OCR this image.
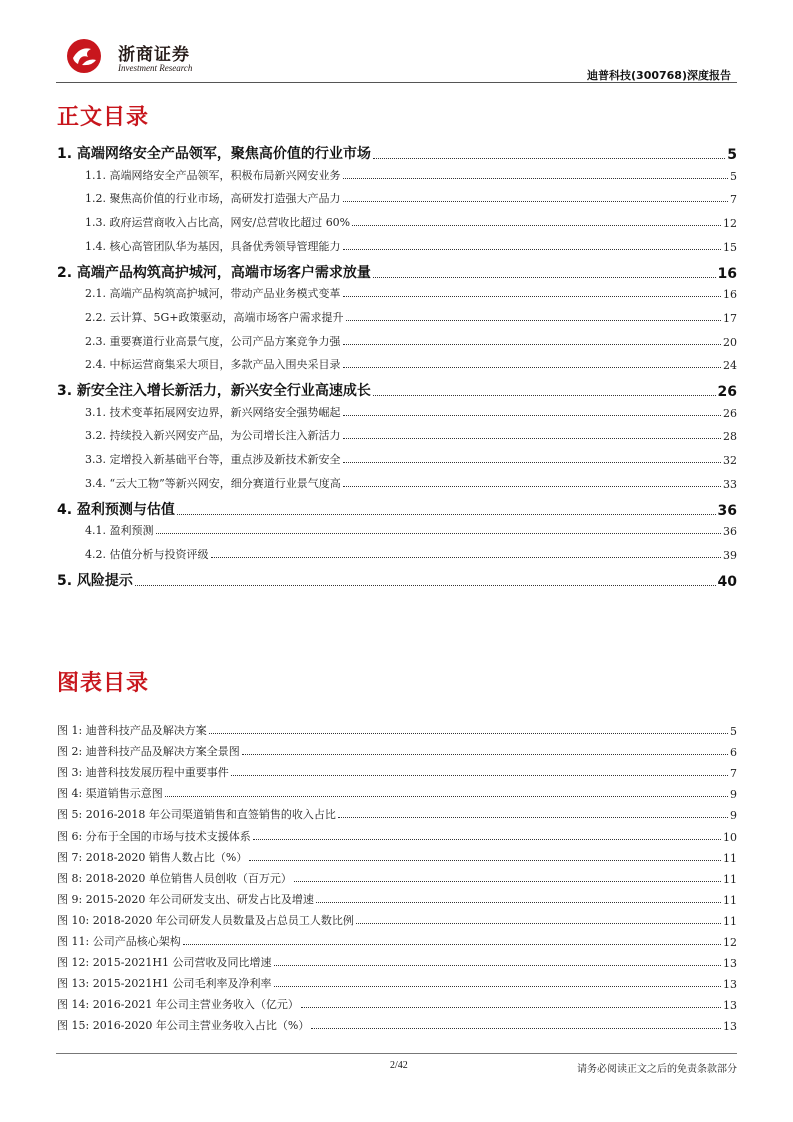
浙商证券
Investment Research
迪普科技(300768)深度报告
正文目录
1. 高端网络安全产品领军，聚焦高价值的行业市场	5
1.1. 高端网络安全产品领军，积极布局新兴网安业务	5
1.2. 聚焦高价值的行业市场，高研发打造强大产品力	7
1.3. 政府运营商收入占比高，网安/总营收比超过 60%	12
1.4. 核心高管团队华为基因，具备优秀领导管理能力	15
2. 高端产品构筑高护城河，高端市场客户需求放量	16
2.1. 高端产品构筑高护城河，带动产品业务模式变革	16
2.2. 云计算、5G+政策驱动，高端市场客户需求提升	17
2.3. 重要赛道行业高景气度，公司产品方案竞争力强	20
2.4. 中标运营商集采大项目，多款产品入围央采目录	24
3. 新安全注入增长新活力，新兴安全行业高速成长	26
3.1. 技术变革拓展网安边界，新兴网络安全强势崛起	26
3.2. 持续投入新兴网安产品，为公司增长注入新活力	28
3.3. 定增投入新基础平台等，重点涉及新技术新安全	32
3.4. “云大工物”等新兴网安，细分赛道行业景气度高	33
4. 盈利预测与估值	36
4.1. 盈利预测	36
4.2. 估值分析与投资评级	39
5. 风险提示	40
图表目录
图 1: 迪普科技产品及解决方案	5
图 2: 迪普科技产品及解决方案全景图	6
图 3: 迪普科技发展历程中重要事件	7
图 4: 渠道销售示意图	9
图 5: 2016-2018 年公司渠道销售和直签销售的收入占比	9
图 6: 分布于全国的市场与技术支援体系	10
图 7: 2018-2020 销售人数占比（%）	11
图 8: 2018-2020 单位销售人员创收（百万元）	11
图 9: 2015-2020 年公司研发支出、研发占比及增速	11
图 10: 2018-2020 年公司研发人员数量及占总员工人数比例	11
图 11: 公司产品核心架构	12
图 12: 2015-2021H1 公司营收及同比增速	13
图 13: 2015-2021H1 公司毛利率及净利率	13
图 14: 2016-2021 年公司主营业务收入（亿元）	13
图 15: 2016-2020 年公司主营业务收入占比（%）	13
2/42	请务必阅读正文之后的免责条款部分
